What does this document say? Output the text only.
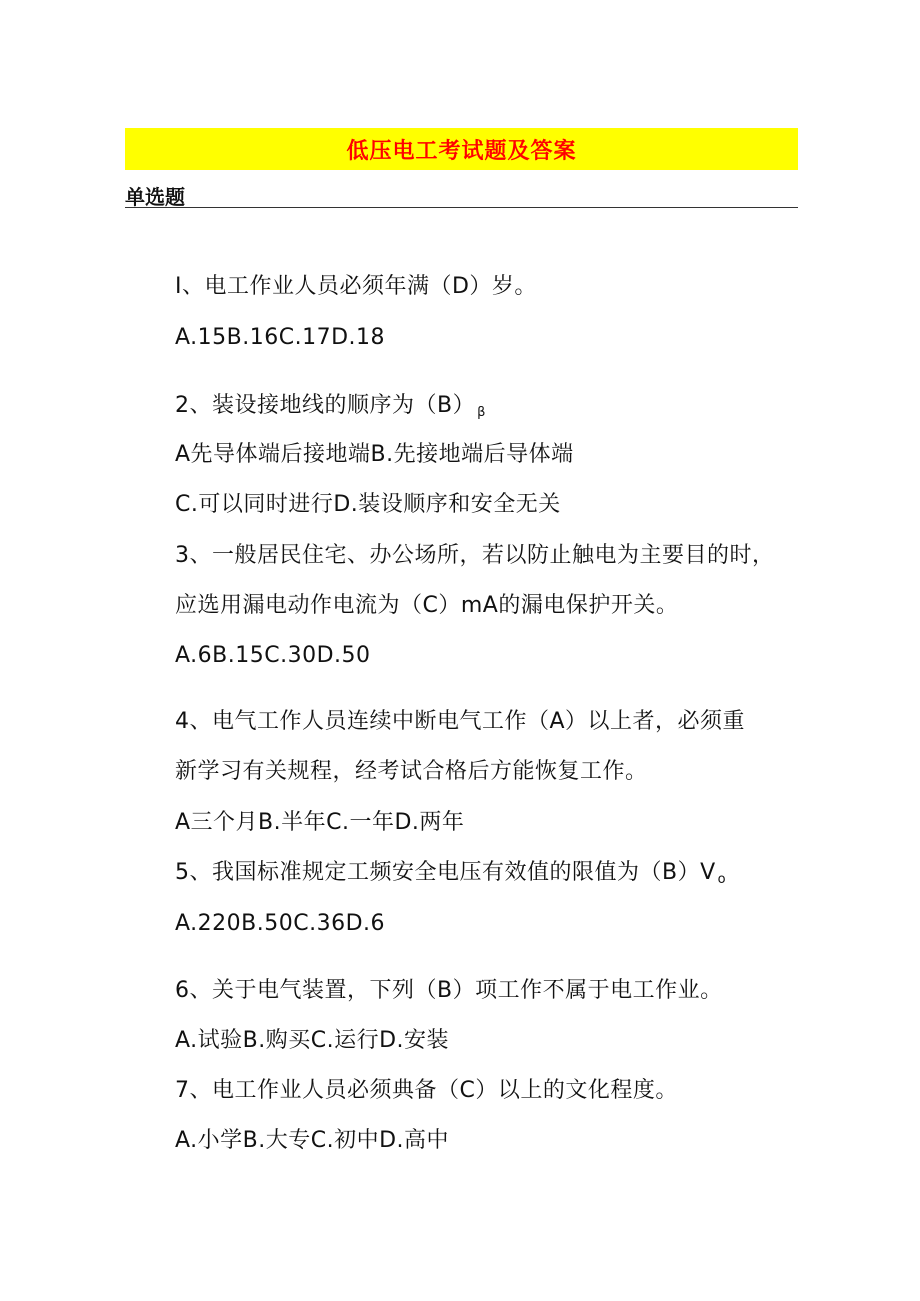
低压电工考试题及答案
单选题
I、电工作业人员必须年满（D）岁。
A.15B.16C.17D.18
2、装设接地线的顺序为（B） β
A先导体端后接地端B.先接地端后导体端
C.可以同时进行D.装设顺序和安全无关
3、一般居民住宅、办公场所，若以防止触电为主要目的时，
应选用漏电动作电流为（C）mA的漏电保护开关。
A.6B.15C.30D.50
4、电气工作人员连续中断电气工作（A）以上者，必须重
新学习有关规程，经考试合格后方能恢复工作。
A三个月B.半年C.一年D.两年
5、我国标准规定工频安全电压有效值的限值为（B）V o
A.220B.50C.36D.6
6、关于电气装置，下列（B）项工作不属于电工作业。
A.试验B.购买C.运行D.安装
7、电工作业人员必须典备（C）以上的文化程度。
A.小学B.大专C.初中D.高中
